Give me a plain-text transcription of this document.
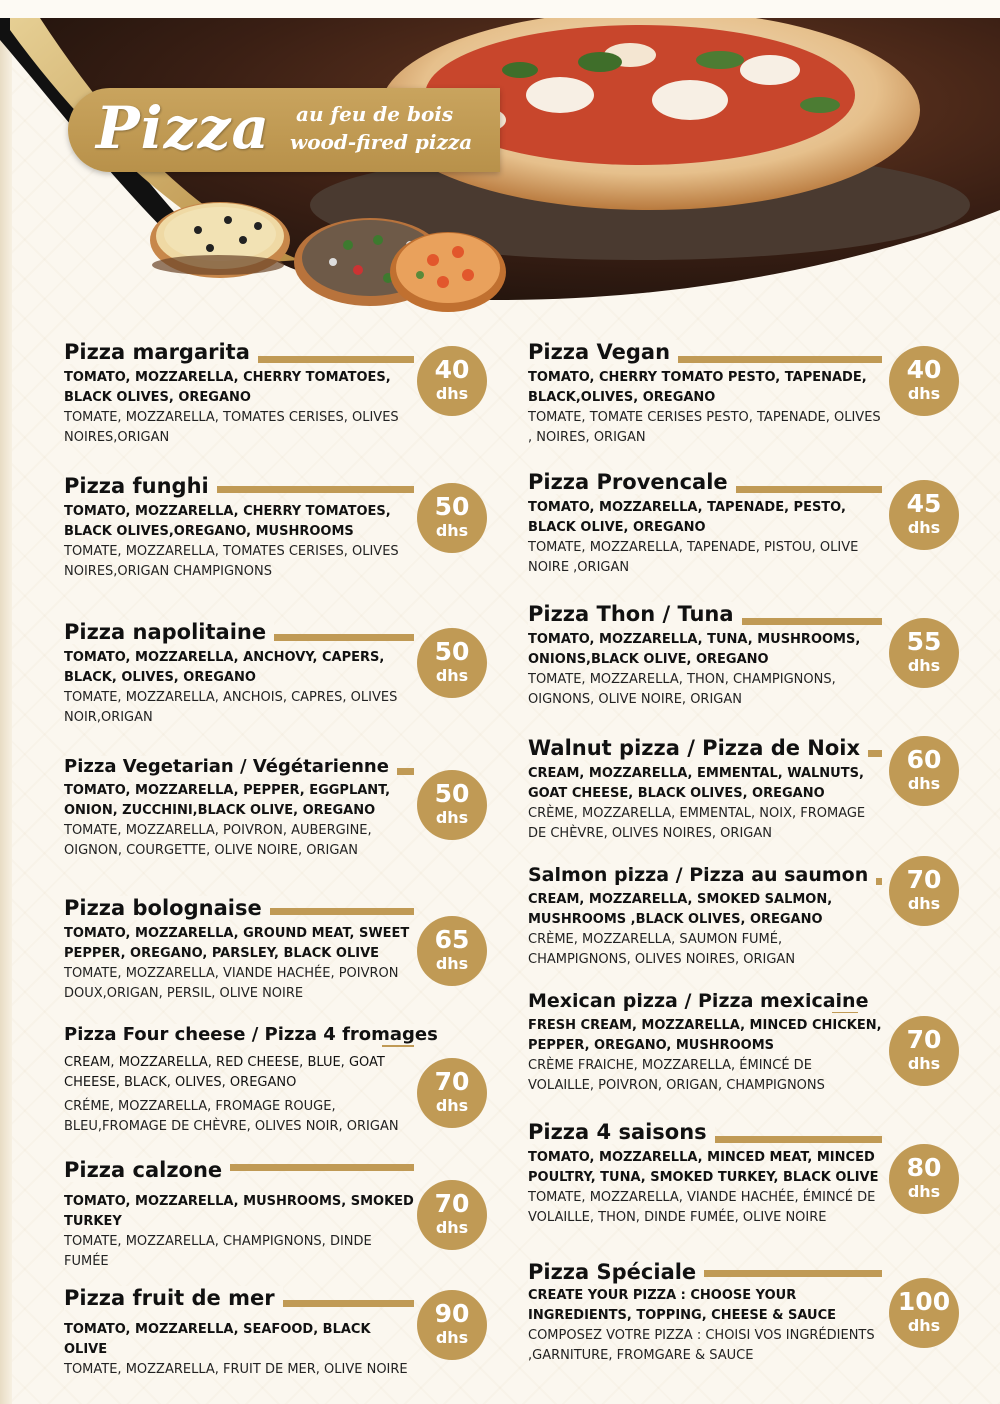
Pizza au feu de bois
wood-fired pizza
Pizza margarita
TOMATO, MOZZARELLA, CHERRY TOMATOES, BLACK OLIVES, OREGANO
TOMATE, MOZZARELLA, TOMATES CERISES, OLIVES NOIRES,ORIGAN
40
dhs
Pizza funghi
TOMATO, MOZZARELLA, CHERRY TOMATOES, BLACK OLIVES,OREGANO, MUSHROOMS
TOMATE, MOZZARELLA, TOMATES CERISES, OLIVES NOIRES,ORIGAN CHAMPIGNONS
50
dhs
Pizza napolitaine
TOMATO, MOZZARELLA, ANCHOVY, CAPERS, BLACK, OLIVES, OREGANO
TOMATE, MOZZARELLA, ANCHOIS, CAPRES, OLIVES NOIR,ORIGAN
50
dhs
Pizza Vegetarian / Végétarienne
TOMATO, MOZZARELLA, PEPPER, EGGPLANT, ONION, ZUCCHINI,BLACK OLIVE, OREGANO
TOMATE, MOZZARELLA, POIVRON, AUBERGINE, OIGNON, COURGETTE, OLIVE NOIRE, ORIGAN
50
dhs
Pizza bolognaise
TOMATO, MOZZARELLA, GROUND MEAT, SWEET PEPPER, OREGANO, PARSLEY, BLACK OLIVE
TOMATE, MOZZARELLA, VIANDE HACHÉE, POIVRON DOUX,ORIGAN, PERSIL, OLIVE NOIRE
65
dhs
Pizza Four cheese / Pizza 4 fromages
CREAM, MOZZARELLA, RED CHEESE, BLUE, GOAT CHEESE, BLACK, OLIVES, OREGANO
CRÉME, MOZZARELLA, FROMAGE ROUGE, BLEU,FROMAGE DE CHÈVRE, OLIVES NOIR, ORIGAN
70
dhs
Pizza calzone
TOMATO, MOZZARELLA, MUSHROOMS, SMOKED TURKEY
TOMATE, MOZZARELLA, CHAMPIGNONS, DINDE FUMÉE
70
dhs
Pizza fruit de mer
TOMATO, MOZZARELLA, SEAFOOD, BLACK OLIVE
TOMATE, MOZZARELLA, FRUIT DE MER, OLIVE NOIRE
90
dhs
Pizza Vegan
TOMATO, CHERRY TOMATO PESTO, TAPENADE, BLACK,OLIVES, OREGANO
TOMATE, TOMATE CERISES PESTO, TAPENADE, OLIVES , NOIRES, ORIGAN
40
dhs
Pizza Provencale
TOMATO, MOZZARELLA, TAPENADE, PESTO, BLACK OLIVE, OREGANO
TOMATE, MOZZARELLA, TAPENADE, PISTOU, OLIVE NOIRE ,ORIGAN
45
dhs
Pizza Thon / Tuna
TOMATO, MOZZARELLA, TUNA, MUSHROOMS, ONIONS,BLACK OLIVE, OREGANO
TOMATE, MOZZARELLA, THON, CHAMPIGNONS, OIGNONS, OLIVE NOIRE, ORIGAN
55
dhs
Walnut pizza / Pizza de Noix
CREAM, MOZZARELLA, EMMENTAL, WALNUTS, GOAT CHEESE, BLACK OLIVES, OREGANO
CRÈME, MOZZARELLA, EMMENTAL, NOIX, FROMAGE DE CHÈVRE, OLIVES NOIRES, ORIGAN
60
dhs
Salmon pizza / Pizza au saumon
CREAM, MOZZARELLA, SMOKED SALMON, MUSHROOMS ,BLACK OLIVES, OREGANO
CRÈME, MOZZARELLA, SAUMON FUMÉ, CHAMPIGNONS, OLIVES NOIRES, ORIGAN
70
dhs
Mexican pizza / Pizza mexicaine
FRESH CREAM, MOZZARELLA, MINCED CHICKEN, PEPPER, OREGANO, MUSHROOMS
CRÈME FRAICHE, MOZZARELLA, ÉMINCÉ DE VOLAILLE, POIVRON, ORIGAN, CHAMPIGNONS
70
dhs
Pizza 4 saisons
TOMATO, MOZZARELLA, MINCED MEAT, MINCED POULTRY, TUNA, SMOKED TURKEY, BLACK OLIVE
TOMATE, MOZZARELLA, VIANDE HACHÉE, ÉMINCÉ DE VOLAILLE, THON, DINDE FUMÉE, OLIVE NOIRE
80
dhs
Pizza Spéciale
CREATE YOUR PIZZA : CHOOSE YOUR INGREDIENTS, TOPPING, CHEESE & SAUCE
COMPOSEZ VOTRE PIZZA : CHOISI VOS INGRÉDIENTS ,GARNITURE, FROMGARE & SAUCE
100
dhs
